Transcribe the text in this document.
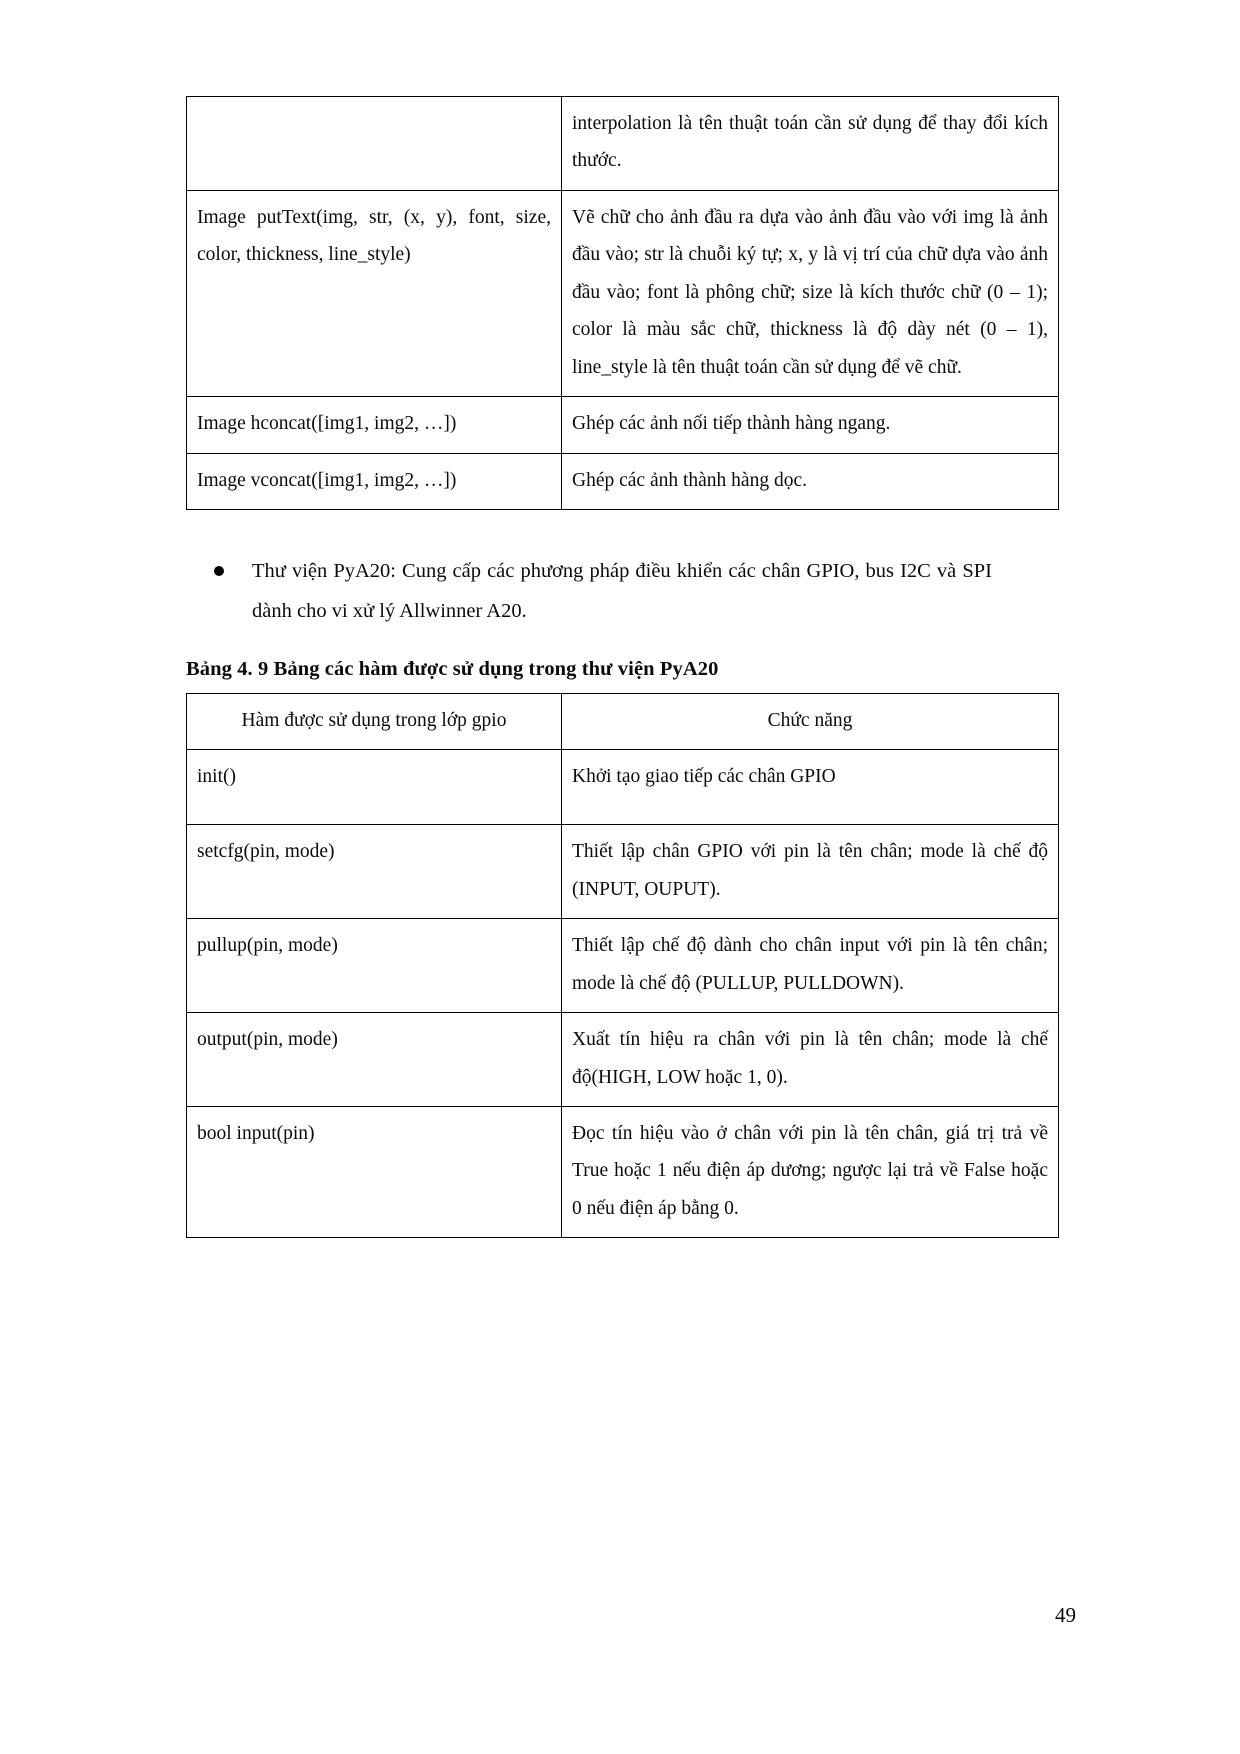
	interpolation là tên thuật toán cần sử dụng để thay đổi kích thước.
Image putText(img, str, (x, y), font, size, color, thickness, line_style)	Vẽ chữ cho ảnh đầu ra dựa vào ảnh đầu vào với img là ảnh đầu vào; str là chuỗi ký tự; x, y là vị trí của chữ dựa vào ảnh đầu vào; font là phông chữ; size là kích thước chữ (0 – 1); color là màu sắc chữ, thickness là độ dày nét (0 – 1), line_style là tên thuật toán cần sử dụng để vẽ chữ.
Image hconcat([img1, img2, …])	Ghép các ảnh nối tiếp thành hàng ngang.
Image vconcat([img1, img2, …])	Ghép các ảnh thành hàng dọc.
Thư viện PyA20: Cung cấp các phương pháp điều khiển các chân GPIO, bus I2C và SPI dành cho vi xử lý Allwinner A20.
Bảng 4. 9 Bảng các hàm được sử dụng trong thư viện PyA20
Hàm được sử dụng trong lớp gpio	Chức năng
init()	Khởi tạo giao tiếp các chân GPIO
setcfg(pin, mode)	Thiết lập chân GPIO với pin là tên chân; mode là chế độ (INPUT, OUPUT).
pullup(pin, mode)	Thiết lập chế độ dành cho chân input với pin là tên chân; mode là chế độ (PULLUP, PULLDOWN).
output(pin, mode)	Xuất tín hiệu ra chân với pin là tên chân; mode là chế độ(HIGH, LOW hoặc 1, 0).
bool input(pin)	Đọc tín hiệu vào ở chân với pin là tên chân, giá trị trả về True hoặc 1 nếu điện áp dương; ngược lại trả về False hoặc 0 nếu điện áp bằng 0.
49
